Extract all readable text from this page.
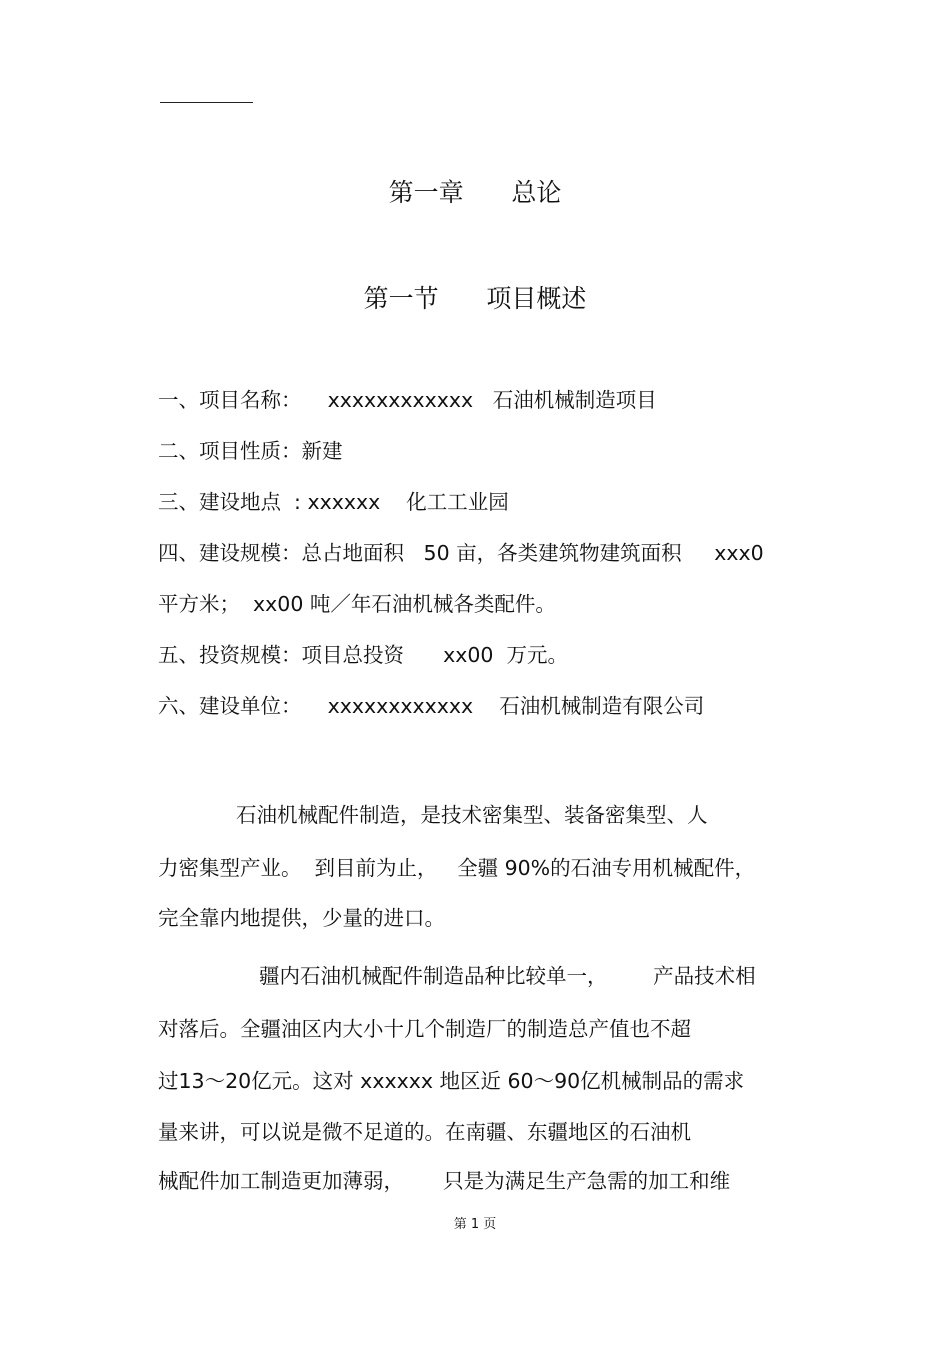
第一章      总论
第一节      项目概述
一、项目名称：    xxxxxxxxxxxx   石油机械制造项目
二、项目性质：新建
三、建设地点  : xxxxxx    化工工业园
四、建设规模：总占地面积   50 亩，各类建筑物建筑面积     xxx0
平方米；  xx00 吨／年石油机械各类配件。
五、投资规模：项目总投资      xx00  万元。
六、建设单位：    xxxxxxxxxxxx    石油机械制造有限公司
石油机械配件制造，是技术密集型、装备密集型、人
力密集型产业。  到目前为止，   全疆 90%的石油专用机械配件，
完全靠内地提供，少量的进口。
疆内石油机械配件制造品种比较单一，       产品技术相
对落后。全疆油区内大小十几个制造厂的制造总产值也不超
过13～20亿元。这对 xxxxxx 地区近 60～90亿机械制品的需求
量来讲，可以说是微不足道的。在南疆、东疆地区的石油机
械配件加工制造更加薄弱，      只是为满足生产急需的加工和维
第 1 页
